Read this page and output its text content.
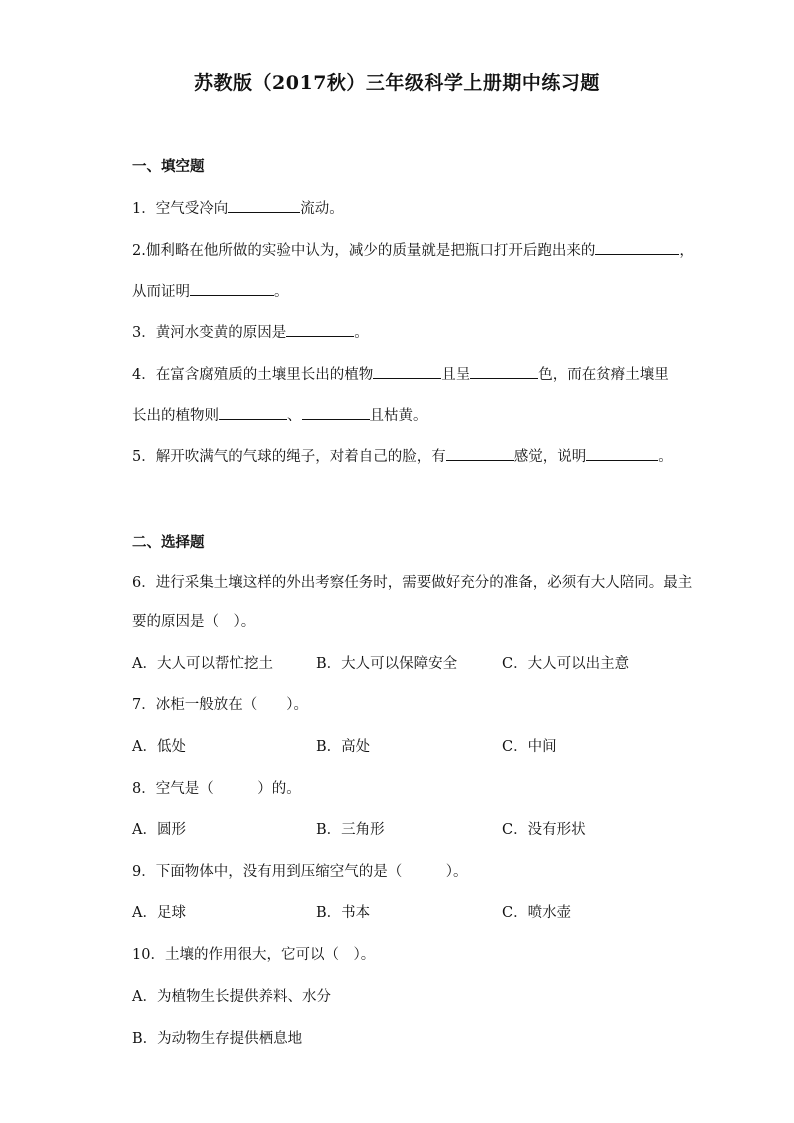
苏教版（2017秋）三年级科学上册期中练习题
一、填空题
1．空气受冷向	流动。
2.伽利略在他所做的实验中认为，减少的质量就是把瓶口打开后跑出来的	，
从而证明	。
3．黄河水变黄的原因是	。
4．在富含腐殖质的土壤里长出的植物	且呈	色，而在贫瘠土壤里
长出的植物则	、	且枯黄。
5．解开吹满气的气球的绳子，对着自己的脸，有	感觉，说明	。
二、选择题
6．进行采集土壤这样的外出考察任务时，需要做好充分的准备，必须有大人陪同。最主
要的原因是（　）。
A．大人可以帮忙挖土	B．大人可以保障安全	C．大人可以出主意
7．冰柜一般放在（　　）。
A．低处	B．高处	C．中间
8．空气是（　　　）的。
A．圆形	B．三角形	C．没有形状
9．下面物体中，没有用到压缩空气的是（　　　）。
A．足球	B．书本	C．喷水壶
10．土壤的作用很大，它可以（　）。
A．为植物生长提供养料、水分
B．为动物生存提供栖息地
